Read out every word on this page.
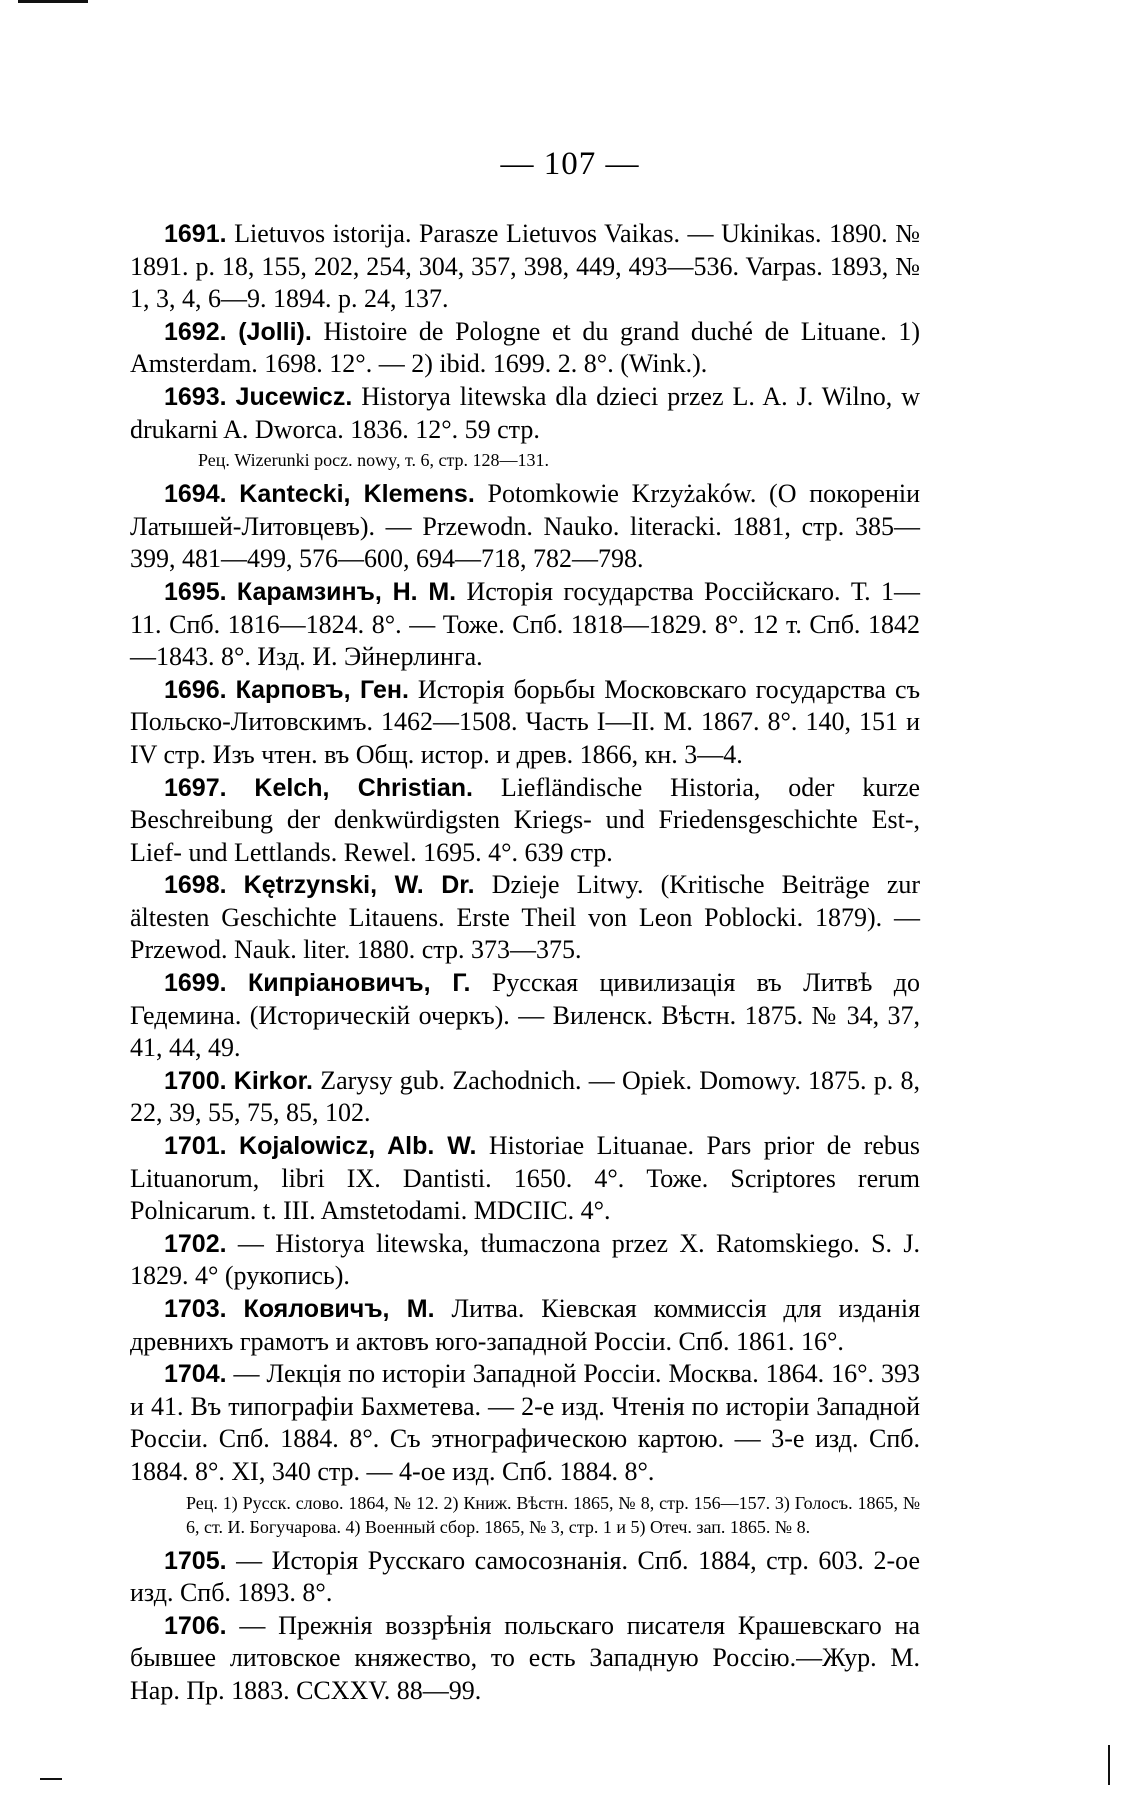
— 107 —

1691. Lietuvos istorija. Parasze Lietuvos Vaikas. — Ukinikas. 1890. № 1891. p. 18, 155, 202, 254, 304, 357, 398, 449, 493—536. Varpas. 1893, № 1, 3, 4, 6—9. 1894. p. 24, 137.

1692. (Jolli). Histoire de Pologne et du grand duché de Lituane. 1) Amsterdam. 1698. 12°. — 2) ibid. 1699. 2. 8°. (Wink.).

1693. Jucewicz. Historya litewska dla dzieci przez L. A. J. Wilno, w drukarni A. Dworca. 1836. 12°. 59 стр.

Рец. Wizerunki pocz. nowy, т. 6, стр. 128—131.

1694. Kantecki, Klemens. Potomkowie Krzyżaków. (О покореніи Латышей-Литовцевъ). — Przewodn. Nauko. literacki. 1881, стр. 385—399, 481—499, 576—600, 694—718, 782—798.

1695. Карамзинъ, Н. М. Исторія государства Россійскаго. Т. 1—11. Спб. 1816—1824. 8°. — Тоже. Спб. 1818—1829. 8°. 12 т. Спб. 1842—1843. 8°. Изд. И. Эйнерлинга.

1696. Карповъ, Ген. Исторія борьбы Московскаго государства съ Польско-Литовскимъ. 1462—1508. Часть I—II. М. 1867. 8°. 140, 151 и IV стр. Изъ чтен. въ Общ. истор. и древ. 1866, кн. 3—4.

1697. Kelch, Christian. Liefländische Historia, oder kurze Beschreibung der denkwürdigsten Kriegs- und Friedensgeschichte Est-, Lief- und Lettlands. Rewel. 1695. 4°. 639 стр.

1698. Kętrzynski, W. Dr. Dzieje Litwy. (Kritische Beiträge zur ältesten Geschichte Litauens. Erste Theil von Leon Poblocki. 1879). — Przewod. Nauk. liter. 1880. стр. 373—375.

1699. Кипріановичъ, Г. Русская цивилизація въ Литвѣ до Гедемина. (Историческій очеркъ). — Виленск. Вѣстн. 1875. № 34, 37, 41, 44, 49.

1700. Kirkor. Zarysy gub. Zachodnich. — Opiek. Domowy. 1875. p. 8, 22, 39, 55, 75, 85, 102.

1701. Kojalowicz, Alb. W. Historiae Lituanae. Pars prior de rebus Lituanorum, libri IX. Dantisti. 1650. 4°. Тоже. Scriptores rerum Polnicarum. t. III. Amstetodami. MDCIIC. 4°.

1702. — Historya litewska, tłumaczona przez X. Ratomskiego. S. J. 1829. 4° (рукопись).

1703. Кояловичъ, М. Литва. Кіевская коммиссія для изданія древнихъ грамотъ и актовъ юго-западной Россіи. Спб. 1861. 16°.

1704. — Лекція по исторіи Западной Россіи. Москва. 1864. 16°. 393 и 41. Въ типографіи Бахметева. — 2-е изд. Чтенія по исторіи Западной Россіи. Спб. 1884. 8°. Съ этнографическою картою. — 3-е изд. Спб. 1884. 8°. XI, 340 стр. — 4-ое изд. Спб. 1884. 8°.

Рец. 1) Русск. слово. 1864, № 12. 2) Книж. Вѣстн. 1865, № 8, стр. 156—157. 3) Голосъ. 1865, № 6, ст. И. Богучарова. 4) Военный сбор. 1865, № 3, стр. 1 и 5) Отеч. зап. 1865. № 8.

1705. — Исторія Русскаго самосознанія. Спб. 1884, стр. 603. 2-ое изд. Спб. 1893. 8°.

1706. — Прежнія воззрѣнія польскаго писателя Крашевскаго на бывшее литовское княжество, то есть Западную Россію.—Жур. М. Нар. Пр. 1883. CCXXV. 88—99.
